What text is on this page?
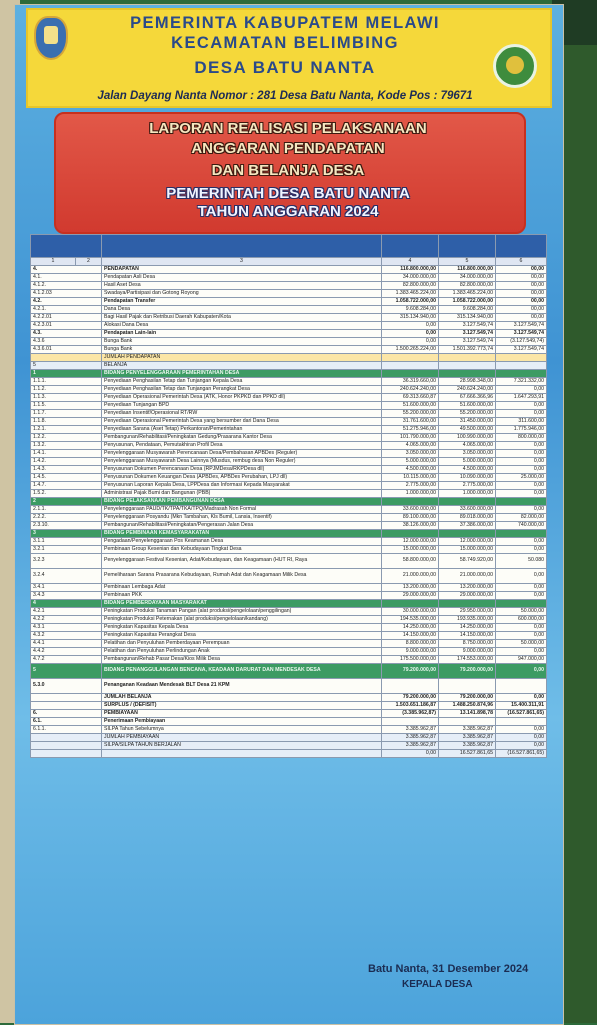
PEMERINTA KABUPATEM MELAWI
KECAMATAN BELIMBING
DESA BATU NANTA
Jalan Dayang Nanta Nomor : 281 Desa Batu Nanta, Kode Pos : 79671
LAPORAN REALISASI PELAKSANAAN
ANGGARAN PENDAPATAN
DAN BELANJA DESA
PEMERINTAH DESA BATU NANTA
TAHUN ANGGARAN 2024

1	2	3	4	5	6
4.		PENDAPATAN	116.800.000,00	116.800.000,00	00,00
4.1.		Pendapatan Asli Desa	34.000.000,00	34.000.000,00	00,00
4.1.2.		Hasil Aset Desa	82.800.000,00	82.800.000,00	00,00
4.1.2.03		Swadaya/Partisipasi dan Gotong Royong	1.383.465.224,00	1.383.465.224,00	00,00
4.2.		Pendapatan Transfer	1.058.722.000,00	1.058.722.000,00	00,00
4.2.1.		Dana Desa	9.608.284,00	9.608.284,00	00,00
4.2.2.01		Bagi Hasil Pajak dan Retribusi Daerah Kabupaten/Kota	315.134.940,00	315.134.940,00	00,00
4.2.3.01		Alokasi Dana Desa	0,00	3.127.549,74	3.127.549,74
4.3.		Pendapatan Lain-lain	0,00	3.127.549,74	3.127.549,74
4.3.6		Bunga Bank	0,00	3.127.549,74	(3.127.549,74)
4.3.6.01		Bunga Bank	1.500.265.224,00	1.501.392.773,74	3.127.549,74
		JUMLAH PENDAPATAN			
5		BELANJA			
1		BIDANG PENYELENGGARAAN PEMERINTAHAN DESA			
1.1.1.		Penyediaan Penghasilan Tetap dan Tunjangan Kepala Desa	36.319.660,00	28.998.348,00	7.321.332,00
1.1.2.		Penyediaan Penghasilan Tetap dan Tunjangan Perangkat Desa	240.624.240,00	240.624.240,00	0,00
1.1.3.		Penyediaan Operasional Pemerintah Desa (ATK, Honor PKPKD dan PPKD dll)	69.313.660,87	67.666.366,96	1.647.293,91
1.1.5.		Penyediaan Tunjangan BPD	51.600.000,00	51.600.000,00	0,00
1.1.7.		Penyediaan Insentif/Operasional RT/RW	55.200.000,00	55.200.000,00	0,00
1.1.8.		Penyediaan Operasional Pemerintah Desa yang bersumber dari Dana Desa	31.761.600,00	31.450.000,00	311.600,00
1.2.1.		Penyediaan Sarana (Aset Tetap) Perkantoran/Pemerintahan	51.275.946,00	49.500.000,00	1.775.946,00
1.2.2.		Pembangunan/Rehabilitasi/Peningkatan Gedung/Prasarana Kantor Desa	101.790.000,00	100.990.000,00	800.000,00
1.3.2.		Penyusunan, Pendataan, Pemutakhiran Profil Desa	4.065.000,00	4.065.000,00	0,00
1.4.1.		Penyelenggaraan Musyawarah Perencanaan Desa/Pembahasan APBDes (Reguler)	3.050.000,00	3.050.000,00	0,00
1.4.2.		Penyelenggaraan Musyawarah Desa Lainnya (Musdus, rembug desa Non Reguler)	5.000.000,00	5.000.000,00	0,00
1.4.3.		Penyusunan Dokumen Perencanaan Desa (RPJMDesa/RKPDesa dll)	4.500.000,00	4.500.000,00	0,00
1.4.5.		Penyusunan Dokumen Keuangan Desa (APBDes, APBDes Perubahan, LPJ dll)	10.115.000,00	10.090.000,00	25.000,00
1.4.7.		Penyusunan Laporan Kepala Desa, LPPDesa dan Informasi Kepada Masyarakat	2.775.000,00	2.775.000,00	0,00
1.5.2.		Administrasi Pajak Bumi dan Bangunan (PBB)	1.000.000,00	1.000.000,00	0,00
2		BIDANG PELAKSANAAN PEMBANGUNAN DESA			
2.1.1.		Penyelenggaraan PAUD/TK/TPA/TKA/TPQ/Madrasah Non Formal	33.600.000,00	33.600.000,00	0,00
2.2.2.		Penyelenggaraan Posyandu (Mkn Tambahan, Kls Bumil, Lansia, Insentif)	89.100.000,00	89.018.000,00	82.000,00
2.3.10.		Pembangunan/Rehabilitasi/Peningkatan/Pengerasan Jalan Desa	38.126.000,00	37.386.000,00	740.000,00
3		BIDANG PEMBINAAN KEMASYARAKATAN			
3.1.1		Pengadaan/Penyelenggaraan Pos Keamanan Desa	12.000.000,00	12.000.000,00	0,00
3.2.1		Pembinaan Group Kesenian dan Kebudayaan Tingkat Desa	15.000.000,00	15.000.000,00	0,00
3.2.3		Penyelenggaraan Festival Kesenian, Adat/Kebudayaan, dan Keagamaan (HUT RI, Raya	58.800.000,00	58.749.920,00	50.080
3.2.4		Pemeliharaan Sarana Prasarana Kebudayaan, Rumah Adat dan Keagamaan Milik Desa	21.000.000,00	21.000.000,00	0,00
3.4.1		Pembinaan Lembaga Adat	13.200.000,00	13.200.000,00	0,00
3.4.3		Pembinaan PKK	29.000.000,00	29.000.000,00	0,00
4		BIDANG PEMBERDAYAAN MASYARAKAT			
4.2.1		Peningkatan Produksi Tanaman Pangan (alat produksi/pengelolaan/penggilingan)	30.000.000,00	29.950.000,00	50.000,00
4.2.2		Peningkatan Produksi Peternakan (alat produksi/pengelolaan/kandang)	194.535.000,00	193.935.000,00	600.000,00
4.3.1		Peningkatan Kapasitas Kepala Desa	14.250.000,00	14.250.000,00	0,00
4.3.2		Peningkatan Kapasitas Perangkat Desa	14.150.000,00	14.150.000,00	0,00
4.4.1		Pelatihan dan Penyuluhan Pemberdayaan Perempuan	8.800.000,00	8.750.000,00	50.000,00
4.4.2		Pelatihan dan Penyuluhan Perlindungan Anak	9.000.000,00	9.000.000,00	0,00
4.7.2		Pembangunan/Rehab Pasar Desa/Kios Milik Desa	175.500.000,00	174.553.000,00	947.000,00
5		BIDANG PENANGGULANGAN BENCANA, KEADAAN DARURAT DAN MENDESAK DESA	79.200.000,00	79.200.000,00	0,00
5.3.0		Penanganan Keadaan Mendesak BLT Desa 21 KPM			
		JUMLAH BELANJA	79.200.000,00	79.200.000,00	0,00
		SURPLUS / (DEFISIT)	1.503.651.186,87	1.488.250.874,96	15.400.311,91
6.		PEMBIAYAAN	(3.385.962,87)	13.141.898,78	(16.527.861,65)
6.1.		Penerimaan Pembiayaan			
6.1.1.		SILPA Tahun Sebelumnya	3.385.962,87	3.385.962,87	0,00
		JUMLAH PEMBIAYAAN	3.385.962,87	3.385.962,87	0,00
		SILPA/SILPA TAHUN BERJALAN	3.385.962,87	3.385.962,87	0,00
			0,00	16.527.861,65	(16.527.861,65)
Batu Nanta, 31 Desember 2024
KEPALA DESA
